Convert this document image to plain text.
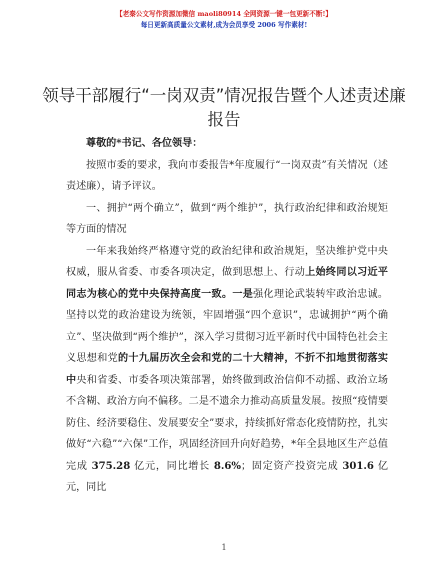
【老秦公文写作资源加微信 maoli80914 全网资源一键一包更新不断!】
每日更新高质量公文素材,成为会员享受 2006 写作素材!
领导干部履行“一岗双责”情况报告暨个人述责述廉报告

尊敬的*书记、各位领导：

按照市委的要求，我向市委报告*年度履行“一岗双责”有关情况（述责述廉），请予评议。

一、拥护“两个确立”，做到“两个维护”，执行政治纪律和政治规矩等方面的情况

一年来我始终严格遵守党的政治纪律和政治规矩，坚决维护党中央权威，服从省委、市委各项决定，做到思想上、行动上始终同以习近平同志为核心的党中央保持高度一致。一是强化理论武装转牢政治忠诚。坚持以党的政治建设为统领，牢固增强“四个意识”，忠诚拥护“两个确立”、坚决做到“两个维护”，深入学习贯彻习近平新时代中国特色社会主义思想和党的十九届历次全会和党的二十大精神，不折不扣地贯彻落实中央和省委、市委各项决策部署，始终做到政治信仰不动摇、政治立场不含糊、政治方向不偏移。二是不遗余力推动高质量发展。按照“疫情要防住、经济要稳住、发展要安全”要求，持续抓好常态化疫情防控，扎实做好“六稳”“六保”工作，巩固经济回升向好趋势，*年全县地区生产总值完成 375.28 亿元，同比增长 8.6%；固定资产投资完成 301.6 亿元，同比

1
